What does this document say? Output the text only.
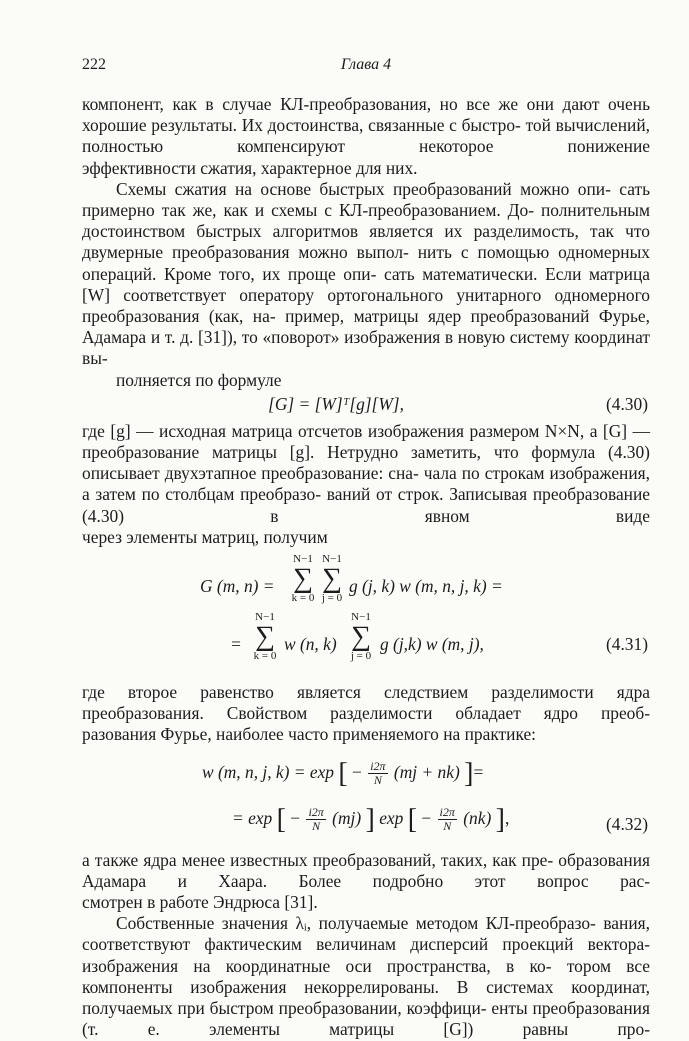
222	Глава 4

компонент, как в случае КЛ-преобразования, но все же они дают очень хорошие результаты. Их достоинства, связанные с быстро- той вычислений, полностью компенсируют некоторое понижение
эффективности сжатия, характерное для них.

Схемы сжатия на основе быстрых преобразований можно опи- сать примерно так же, как и схемы с КЛ-преобразованием. До- полнительным достоинством быстрых алгоритмов является их разделимость, так что двумерные преобразования можно выпол- нить с помощью одномерных операций. Кроме того, их проще опи- сать математически. Если матрица [W] соответствует оператору ортогонального унитарного одномерного преобразования (как, на- пример, матрицы ядер преобразований Фурье, Адамара и т. д. [31]), то «поворот» изображения в новую систему координат вы-
полняется по формуле

[G] = [W]ᵀ[g][W],	(4.30)

где [g] — исходная матрица отсчетов изображения размером N×N, а [G] — преобразование матрицы [g]. Нетрудно заметить, что формула (4.30) описывает двухэтапное преобразование: сна- чала по строкам изображения, а затем по столбцам преобразо- ваний от строк. Записывая преобразование (4.30) в явном виде
через элементы матриц, получим

G (m, n) =
N−1
∑
k = 0
N−1
∑
j = 0
g (j, k) w (m, n, j, k) =
=
N−1
∑
k = 0
w (n, k)
N−1
∑
j = 0
g (j,k) w (m, j),	(4.31)

где второе равенство является следствием разделимости ядра преобразования. Свойством разделимости обладает ядро преоб-
разования Фурье, наиболее часто применяемого на практике:

w (m, n, j, k) = exp [ − $\frac{i2\pi}{N} (mj + nk)$ ]=
= exp [ − $\frac{i2\pi}{N} (mj)$ ] exp [ − $\frac{i2\pi}{N} (nk)$ ],	(4.32)

а также ядра менее известных преобразований, таких, как пре- образования Адамара и Хаара. Более подробно этот вопрос рас-
смотрен в работе Эндрюса [31].

Собственные значения λᵢ, получаемые методом КЛ-преобразо- вания, соответствуют фактическим величинам дисперсий проекций вектора-изображения на координатные оси пространства, в ко- тором все компоненты изображения некоррелированы. В системах координат, получаемых при быстром преобразовании, коэффици- енты преобразования (т. е. элементы матрицы [G]) равны про-
